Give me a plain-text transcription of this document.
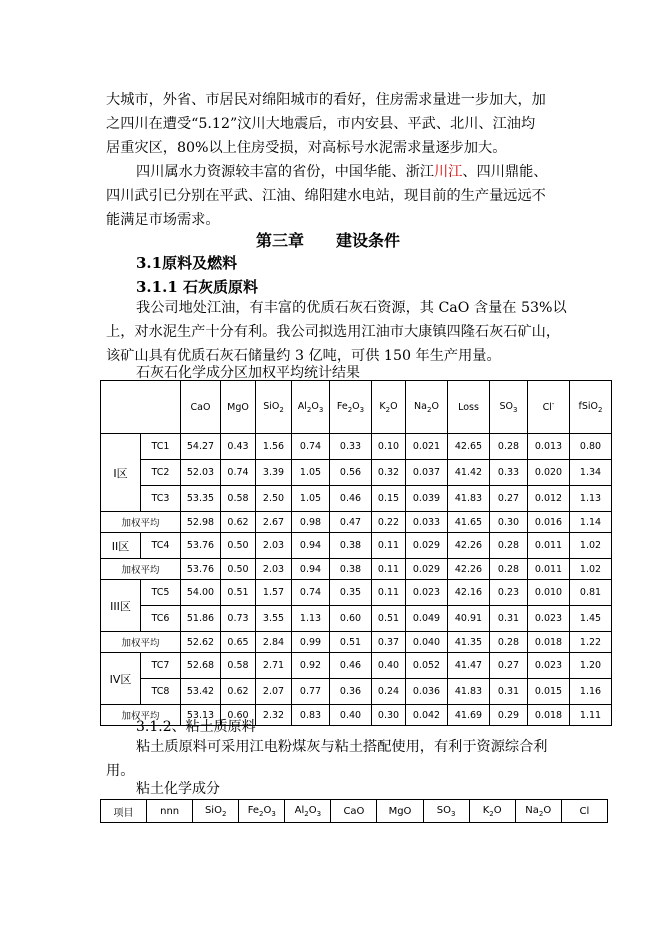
大城市，外省、市居民对绵阳城市的看好，住房需求量进一步加大，加
之四川在遭受“5.12”汶川大地震后，市内安县、平武、北川、江油均
居重灾区，80%以上住房受损，对高标号水泥需求量逐步加大。
四川属水力资源较丰富的省份，中国华能、浙江川江、四川鼎能、
四川武引已分别在平武、江油、绵阳建水电站，现目前的生产量远远不
能满足市场需求。
第三章　　建设条件
3.1原料及燃料
3.1.1 石灰质原料
我公司地处江油，有丰富的优质石灰石资源，其 CaO 含量在 53%以
上，对水泥生产十分有利。我公司拟选用江油市大康镇四隆石灰石矿山，
该矿山具有优质石灰石储量约 3 亿吨，可供 150 年生产用量。
石灰石化学成分区加权平均统计结果
		CaO	MgO	SiO$_2$	$Al_2O_3$	$Fe_2O_3$	$K_2O$	$Na_2O$	Loss	$SO_3$	Cl-	fSiO$_2$
I区	TC1	54.27	0.43	1.56	0.74	0.33	0.10	0.021	42.65	0.28	0.013	0.80
	TC2	52.03	0.74	3.39	1.05	0.56	0.32	0.037	41.42	0.33	0.020	1.34
	TC3	53.35	0.58	2.50	1.05	0.46	0.15	0.039	41.83	0.27	0.012	1.13
加权平均		52.98	0.62	2.67	0.98	0.47	0.22	0.033	41.65	0.30	0.016	1.14
II区	TC4	53.76	0.50	2.03	0.94	0.38	0.11	0.029	42.26	0.28	0.011	1.02
加权平均		53.76	0.50	2.03	0.94	0.38	0.11	0.029	42.26	0.28	0.011	1.02
III区	TC5	54.00	0.51	1.57	0.74	0.35	0.11	0.023	42.16	0.23	0.010	0.81
	TC6	51.86	0.73	3.55	1.13	0.60	0.51	0.049	40.91	0.31	0.023	1.45
加权平均		52.62	0.65	2.84	0.99	0.51	0.37	0.040	41.35	0.28	0.018	1.22
IV区	TC7	52.68	0.58	2.71	0.92	0.46	0.40	0.052	41.47	0.27	0.023	1.20
	TC8	53.42	0.62	2.07	0.77	0.36	0.24	0.036	41.83	0.31	0.015	1.16
加权平均		53.13	0.60	2.32	0.83	0.40	0.30	0.042	41.69	0.29	0.018	1.11
3.1.2、粘土质原料
粘土质原料可采用江电粉煤灰与粘土搭配使用，有利于资源综合利
用。
粘土化学成分
项目	nnn	SiO$_2$	$Fe_2O_3$	$Al_2O_3$	CaO	MgO	$SO_3$	$K_2O$	$Na_2O$	Cl
